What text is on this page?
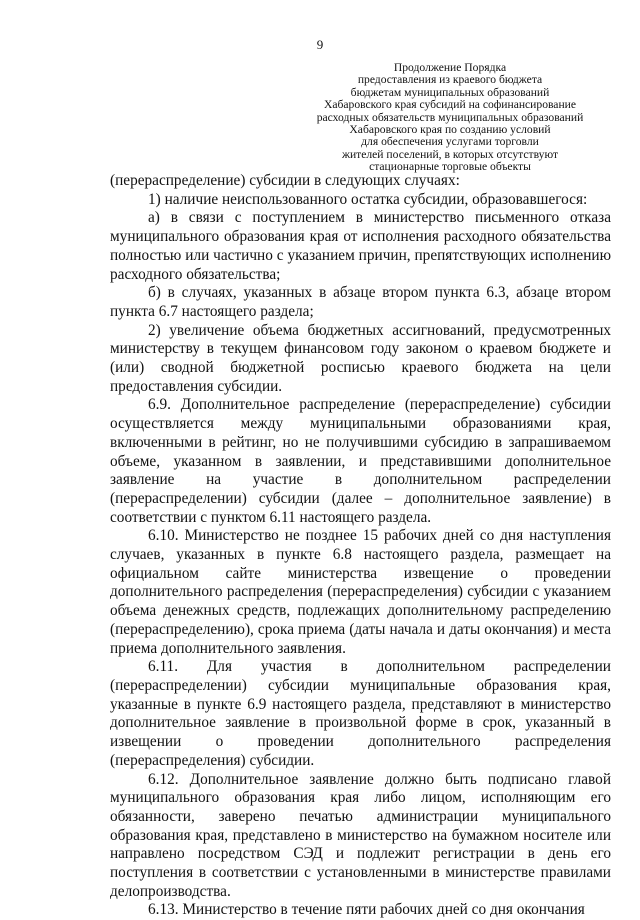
9
Продолжение Порядка
предоставления из краевого бюджета
бюджетам муниципальных образований
Хабаровского края субсидий на софинансирование
расходных обязательств муниципальных образований
Хабаровского края по созданию условий
для обеспечения услугами торговли
жителей поселений, в которых отсутствуют
стационарные торговые объекты

(перераспределение) субсидии в следующих случаях:

1) наличие неиспользованного остатка субсидии, образовавшегося:

а) в связи с поступлением в министерство письменного отказа муниципального образования края от исполнения расходного обязательства полностью или частично с указанием причин, препятствующих исполнению расходного обязательства;

б) в случаях, указанных в абзаце втором пункта 6.3, абзаце втором пункта 6.7 настоящего раздела;

2) увеличение объема бюджетных ассигнований, предусмотренных министерству в текущем финансовом году законом о краевом бюджете и (или) сводной бюджетной росписью краевого бюджета на цели предоставления субсидии.

6.9. Дополнительное распределение (перераспределение) субсидии осуществляется между муниципальными образованиями края, включенными в рейтинг, но не получившими субсидию в запрашиваемом объеме, указанном в заявлении, и представившими дополнительное заявление на участие в дополнительном распределении (перераспределении) субсидии (далее – дополнительное заявление) в соответствии с пунктом 6.11 настоящего раздела.

6.10. Министерство не позднее 15 рабочих дней со дня наступления случаев, указанных в пункте 6.8 настоящего раздела, размещает на официальном сайте министерства извещение о проведении дополнительного распределения (перераспределения) субсидии с указанием объема денежных средств, подлежащих дополнительному распределению (перераспределению), срока приема (даты начала и даты окончания) и места приема дополнительного заявления.

6.11. Для участия в дополнительном распределении (перераспределении) субсидии муниципальные образования края, указанные в пункте 6.9 настоящего раздела, представляют в министерство дополнительное заявление в произвольной форме в срок, указанный в извещении о проведении дополнительного распределения (перераспределения) субсидии.

6.12. Дополнительное заявление должно быть подписано главой муниципального образования края либо лицом, исполняющим его обязанности, заверено печатью администрации муниципального образования края, представлено в министерство на бумажном носителе или направлено посредством СЭД и подлежит регистрации в день его поступления в соответствии с установленными в министерстве правилами делопроизводства.

6.13. Министерство в течение пяти рабочих дней со дня окончания
